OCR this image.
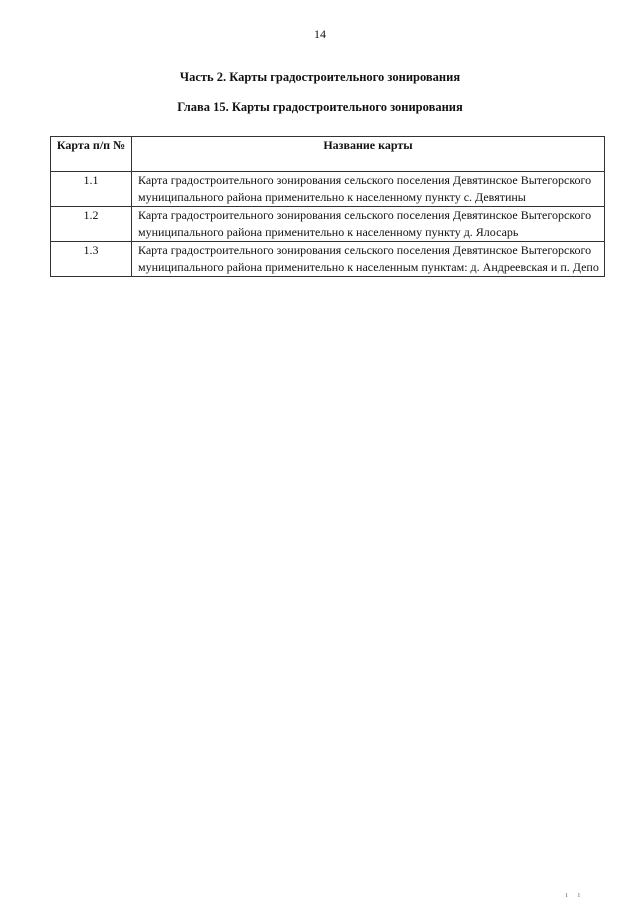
14
Часть 2. Карты градостроительного зонирования
Глава 15. Карты градостроительного зонирования
Карта п/п №	Название карты
1.1	Карта градостроительного зонирования сельского поселения Девятинское Вытегорского муниципального района применительно к населенному пункту с. Девятины
1.2	Карта градостроительного зонирования сельского поселения Девятинское Вытегорского муниципального района применительно к населенному пункту д. Ялосарь
1.3	Карта градостроительного зонирования сельского поселения Девятинское Вытегорского муниципального района применительно к населенным пунктам: д. Андреевская и п. Депо
ı ı
